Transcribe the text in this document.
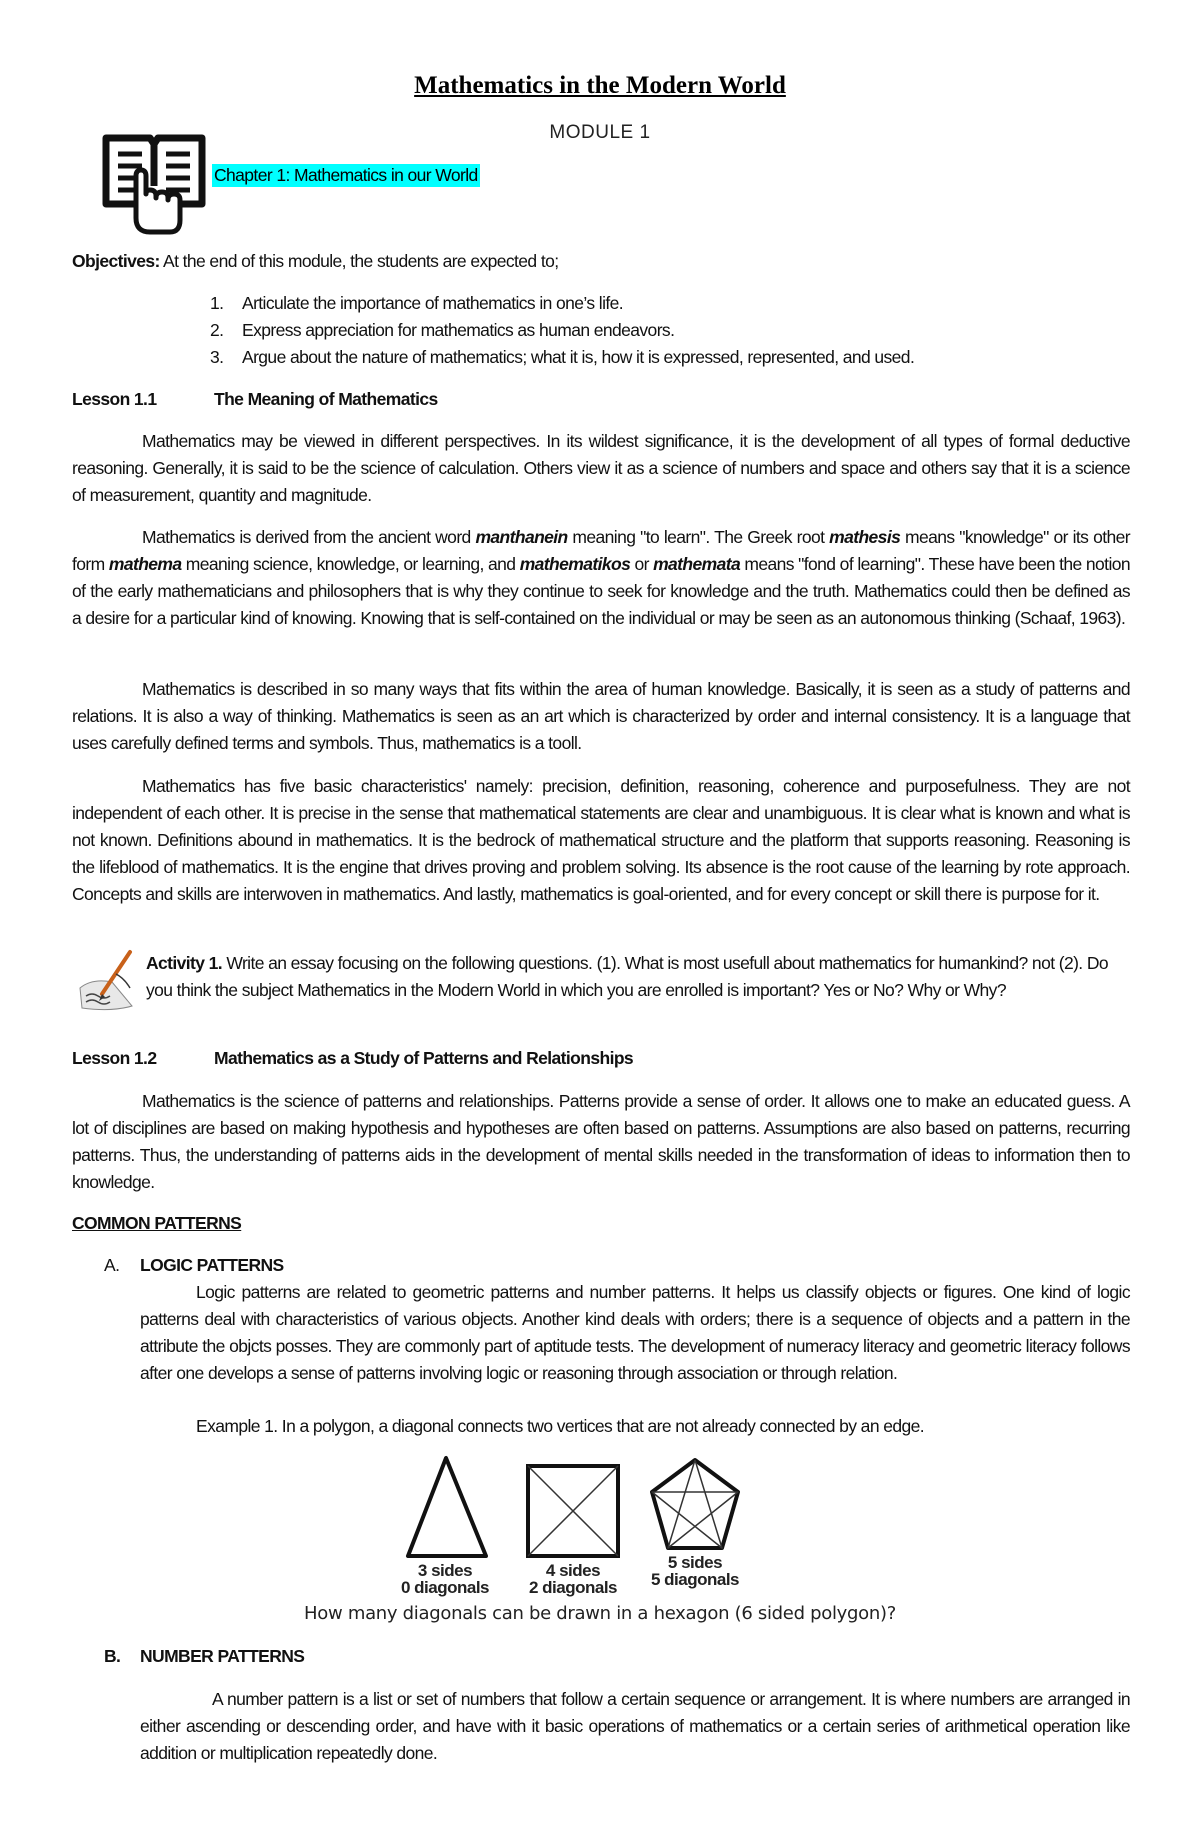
Mathematics in the Modern World
MODULE 1
Chapter 1: Mathematics in our World
Objectives: At the end of this module, the students are expected to;
1. Articulate the importance of mathematics in one’s life.
2. Express appreciation for mathematics as human endeavors.
3. Argue about the nature of mathematics; what it is, how it is expressed, represented, and used.
Lesson 1.1	The Meaning of Mathematics
Mathematics may be viewed in different perspectives. In its wildest significance, it is the development of all types of formal deductive reasoning. Generally, it is said to be the science of calculation. Others view it as a science of numbers and space and others say that it is a science of measurement, quantity and magnitude.
Mathematics is derived from the ancient word manthanein meaning "to learn". The Greek root mathesis means "knowledge" or its other form mathema meaning science, knowledge, or learning, and mathematikos or mathemata means "fond of learning". These have been the notion of the early mathematicians and philosophers that is why they continue to seek for knowledge and the truth. Mathematics could then be defined as a desire for a particular kind of knowing. Knowing that is self-contained on the individual or may be seen as an autonomous thinking (Schaaf, 1963).
Mathematics is described in so many ways that fits within the area of human knowledge. Basically, it is seen as a study of patterns and relations. It is also a way of thinking. Mathematics is seen as an art which is characterized by order and internal consistency. It is a language that uses carefully defined terms and symbols. Thus, mathematics is a tooll.
Mathematics has five basic characteristics' namely: precision, definition, reasoning, coherence and purposefulness. They are not independent of each other. It is precise in the sense that mathematical statements are clear and unambiguous. It is clear what is known and what is not known. Definitions abound in mathematics. It is the bedrock of mathematical structure and the platform that supports reasoning. Reasoning is the lifeblood of mathematics. It is the engine that drives proving and problem solving. Its absence is the root cause of the learning by rote approach. Concepts and skills are interwoven in mathematics. And lastly, mathematics is goal-oriented, and for every concept or skill there is purpose for it.
Activity 1. Write an essay focusing on the following questions. (1). What is most usefull about mathematics for humankind? not (2). Do you think the subject Mathematics in the Modern World in which you are enrolled is important? Yes or No? Why or Why?
Lesson 1.2	Mathematics as a Study of Patterns and Relationships
Mathematics is the science of patterns and relationships. Patterns provide a sense of order. It allows one to make an educated guess. A lot of disciplines are based on making hypothesis and hypotheses are often based on patterns. Assumptions are also based on patterns, recurring patterns. Thus, the understanding of patterns aids in the development of mental skills needed in the transformation of ideas to information then to knowledge.
COMMON PATTERNS
A. LOGIC PATTERNS
Logic patterns are related to geometric patterns and number patterns. It helps us classify objects or figures. One kind of logic patterns deal with characteristics of various objects. Another kind deals with orders; there is a sequence of objects and a pattern in the attribute the objcts posses. They are commonly part of aptitude tests. The development of numeracy literacy and geometric literacy follows after one develops a sense of patterns involving logic or reasoning through association or through relation.
Example 1. In a polygon, a diagonal connects two vertices that are not already connected by an edge.
3 sides
0 diagonals
4 sides
2 diagonals
5 sides
5 diagonals
How many diagonals can be drawn in a hexagon (6 sided polygon)?
B. NUMBER PATTERNS
A number pattern is a list or set of numbers that follow a certain sequence or arrangement. It is where numbers are arranged in either ascending or descending order, and have with it basic operations of mathematics or a certain series of arithmetical operation like addition or multiplication repeatedly done.
